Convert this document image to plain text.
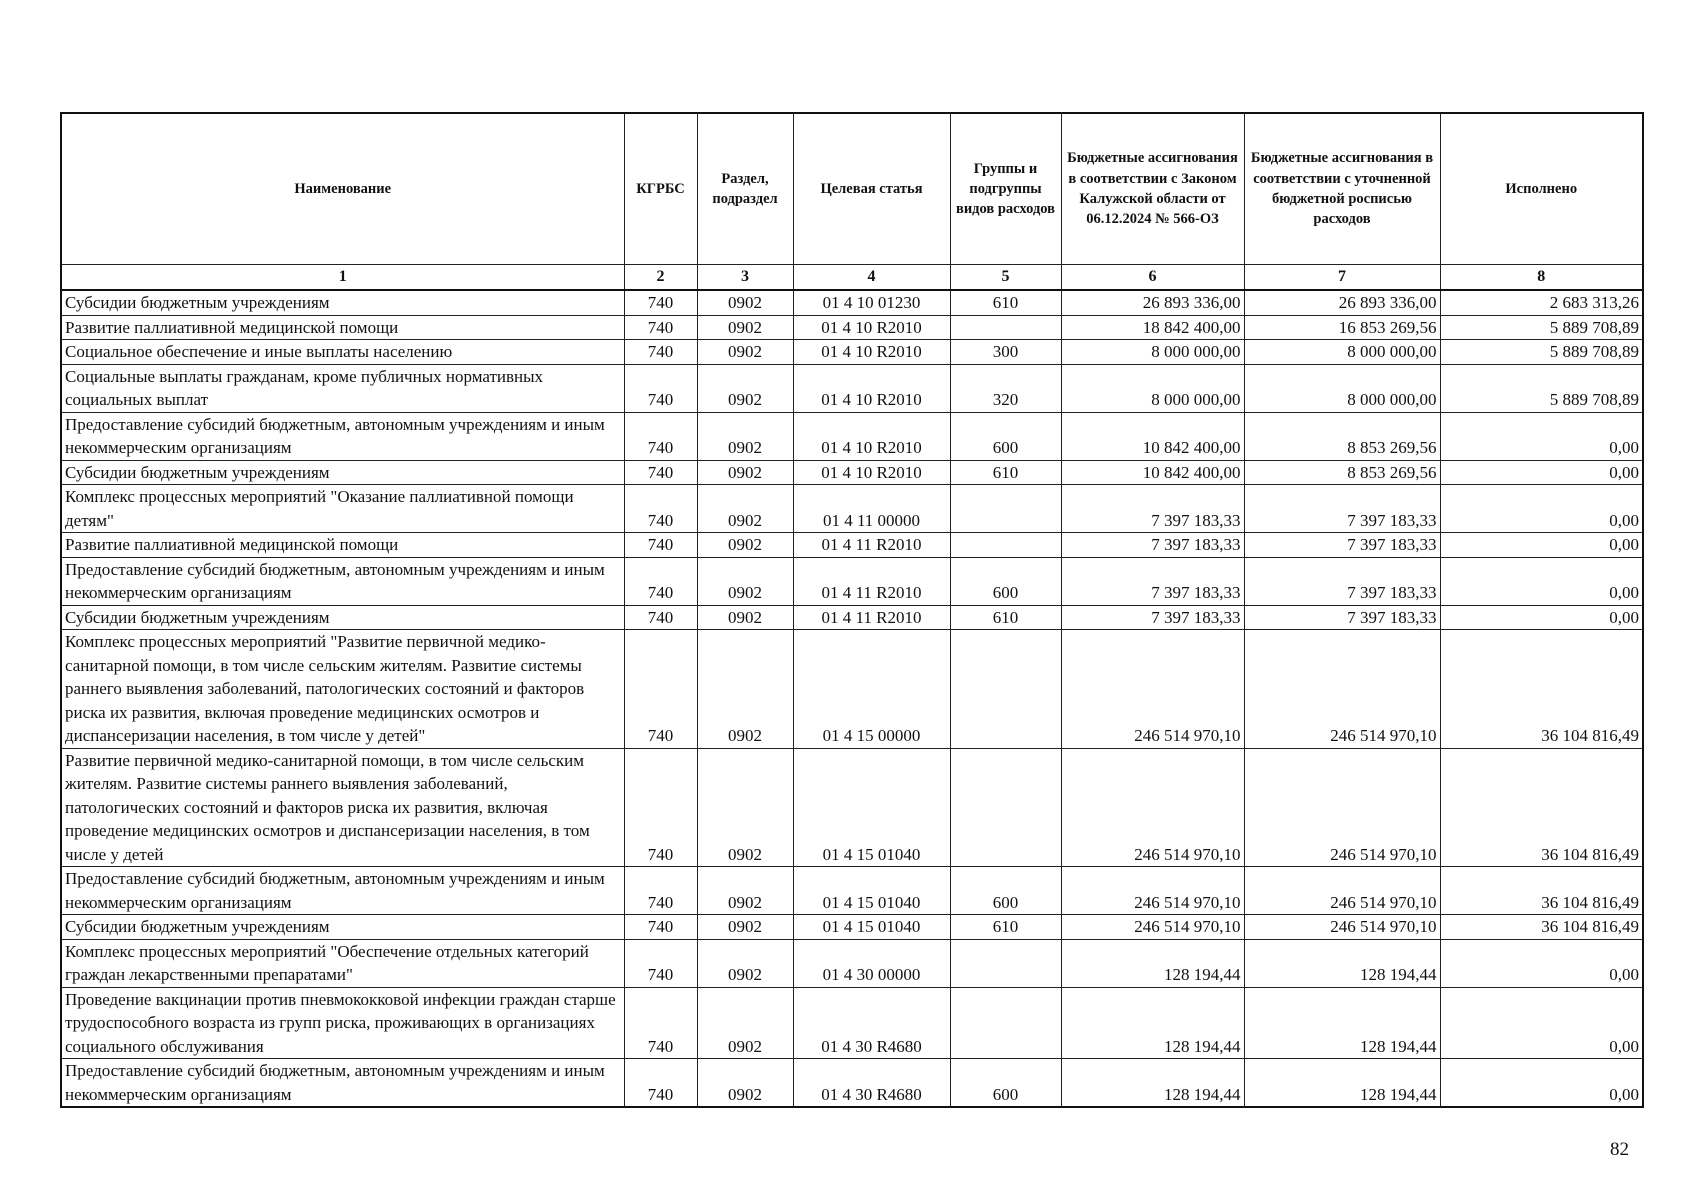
Наименование	КГРБС	Раздел, подраздел	Целевая статья	Группы и подгруппы видов расходов	Бюджетные ассигнования в соответствии с Законом Калужской области от 06.12.2024 № 566-ОЗ	Бюджетные ассигнования в соответствии с уточненной бюджетной росписью расходов	Исполнено
1	2	3	4	5	6	7	8
Субсидии бюджетным учреждениям	740	0902	01 4 10 01230	610	26 893 336,00	26 893 336,00	2 683 313,26
Развитие паллиативной медицинской помощи	740	0902	01 4 10 R2010		18 842 400,00	16 853 269,56	5 889 708,89
Социальное обеспечение и иные выплаты населению	740	0902	01 4 10 R2010	300	8 000 000,00	8 000 000,00	5 889 708,89
Социальные выплаты гражданам, кроме публичных нормативных социальных выплат	740	0902	01 4 10 R2010	320	8 000 000,00	8 000 000,00	5 889 708,89
Предоставление субсидий бюджетным, автономным учреждениям и иным некоммерческим организациям	740	0902	01 4 10 R2010	600	10 842 400,00	8 853 269,56	0,00
Субсидии бюджетным учреждениям	740	0902	01 4 10 R2010	610	10 842 400,00	8 853 269,56	0,00
Комплекс процессных мероприятий "Оказание паллиативной помощи детям"	740	0902	01 4 11 00000		7 397 183,33	7 397 183,33	0,00
Развитие паллиативной медицинской помощи	740	0902	01 4 11 R2010		7 397 183,33	7 397 183,33	0,00
Предоставление субсидий бюджетным, автономным учреждениям и иным некоммерческим организациям	740	0902	01 4 11 R2010	600	7 397 183,33	7 397 183,33	0,00
Субсидии бюджетным учреждениям	740	0902	01 4 11 R2010	610	7 397 183,33	7 397 183,33	0,00
Комплекс процессных мероприятий "Развитие первичной медико-санитарной помощи, в том числе сельским жителям. Развитие системы раннего выявления заболеваний, патологических состояний и факторов риска их развития, включая проведение медицинских осмотров и диспансеризации населения, в том числе у детей"	740	0902	01 4 15 00000		246 514 970,10	246 514 970,10	36 104 816,49
Развитие первичной медико-санитарной помощи, в том числе сельским жителям. Развитие системы раннего выявления заболеваний, патологических состояний и факторов риска их развития, включая проведение медицинских осмотров и диспансеризации населения, в том числе у детей	740	0902	01 4 15 01040		246 514 970,10	246 514 970,10	36 104 816,49
Предоставление субсидий бюджетным, автономным учреждениям и иным некоммерческим организациям	740	0902	01 4 15 01040	600	246 514 970,10	246 514 970,10	36 104 816,49
Субсидии бюджетным учреждениям	740	0902	01 4 15 01040	610	246 514 970,10	246 514 970,10	36 104 816,49
Комплекс процессных мероприятий "Обеспечение отдельных категорий граждан лекарственными препаратами"	740	0902	01 4 30 00000		128 194,44	128 194,44	0,00
Проведение вакцинации против пневмококковой инфекции граждан старше трудоспособного возраста из групп риска, проживающих в организациях социального обслуживания	740	0902	01 4 30 R4680		128 194,44	128 194,44	0,00
Предоставление субсидий бюджетным, автономным учреждениям и иным некоммерческим организациям	740	0902	01 4 30 R4680	600	128 194,44	128 194,44	0,00
82
